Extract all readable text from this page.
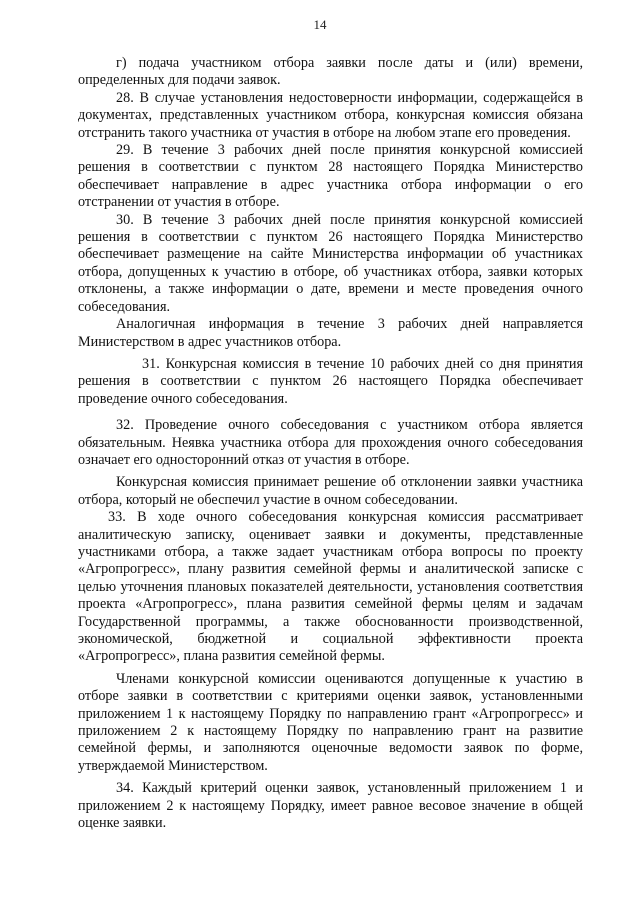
14

г) подача участником отбора заявки после даты и (или) времени, определенных для подачи заявок.

28. В случае установления недостоверности информации, содержащейся в документах, представленных участником отбора, конкурсная комиссия обязана отстранить такого участника от участия в отборе на любом этапе его проведения.

29. В течение 3 рабочих дней после принятия конкурсной комиссией решения в соответствии с пунктом 28 настоящего Порядка Министерство обеспечивает направление в адрес участника отбора информации о его отстранении от участия в отборе.

30. В течение 3 рабочих дней после принятия конкурсной комиссией решения в соответствии с пунктом 26 настоящего Порядка Министерство обеспечивает размещение на сайте Министерства информации об участниках отбора, допущенных к участию в отборе, об участниках отбора, заявки которых отклонены, а также информации о дате, времени и месте проведения очного собеседования.

Аналогичная информация в течение 3 рабочих дней направляется Министерством в адрес участников отбора.

31. Конкурсная комиссия в течение 10 рабочих дней со дня принятия решения в соответствии с пунктом 26 настоящего Порядка обеспечивает проведение очного собеседования.

32. Проведение очного собеседования с участником отбора является обязательным. Неявка участника отбора для прохождения очного собеседования означает его односторонний отказ от участия в отборе.

Конкурсная комиссия принимает решение об отклонении заявки участника отбора, который не обеспечил участие в очном собеседовании.

33. В ходе очного собеседования конкурсная комиссия рассматривает аналитическую записку, оценивает заявки и документы, представленные участниками отбора, а также задает участникам отбора вопросы по проекту «Агропрогресс», плану развития семейной фермы и аналитической записке с целью уточнения плановых показателей деятельности, установления соответствия проекта «Агропрогресс», плана развития семейной фермы целям и задачам Государственной программы, а также обоснованности производственной, экономической, бюджетной и социальной эффективности проекта «Агропрогресс», плана развития семейной фермы.

Членами конкурсной комиссии оцениваются допущенные к участию в отборе заявки в соответствии с критериями оценки заявок, установленными приложением 1 к настоящему Порядку по направлению грант «Агропрогресс» и приложением 2 к настоящему Порядку по направлению грант на развитие семейной фермы, и заполняются оценочные ведомости заявок по форме, утверждаемой Министерством.

34. Каждый критерий оценки заявок, установленный приложением 1 и приложением 2 к настоящему Порядку, имеет равное весовое значение в общей оценке заявки.
